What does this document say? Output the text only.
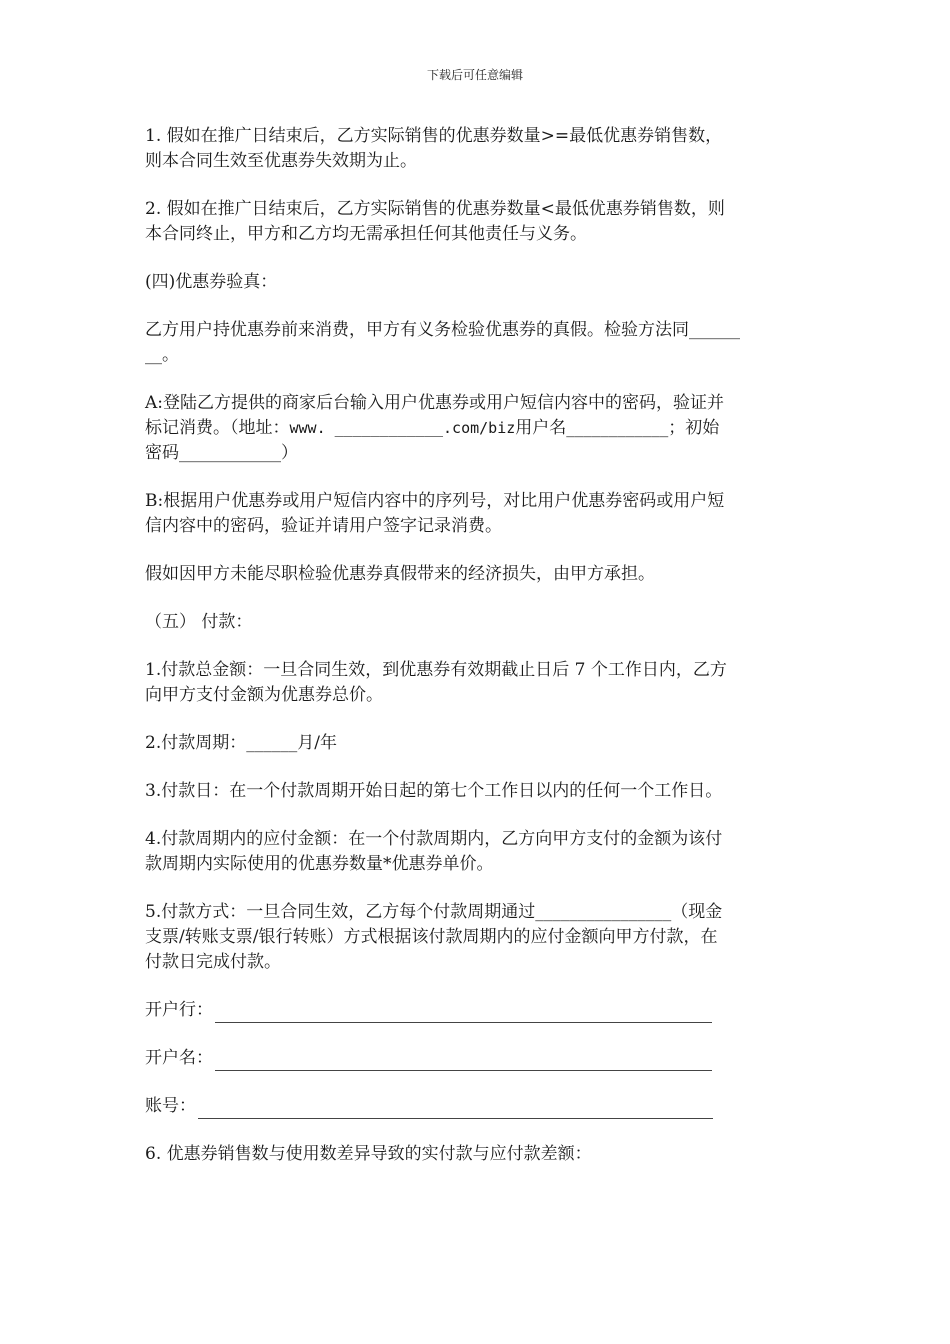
下载后可任意编辑

1. 假如在推广日结束后，乙方实际销售的优惠券数量>=最低优惠券销售数，

则本合同生效至优惠券失效期为止。

2. 假如在推广日结束后，乙方实际销售的优惠券数量<最低优惠券销售数，则

本合同终止，甲方和乙方均无需承担任何其他责任与义务。

(四)优惠券验真：

乙方用户持优惠券前来消费，甲方有义务检验优惠券的真假。检验方法同______

__。

A:登陆乙方提供的商家后台输入用户优惠券或用户短信内容中的密码，验证并

标记消费。（地址：www. ____________.com/biz用户名____________；初始

密码____________）

B:根据用户优惠券或用户短信内容中的序列号，对比用户优惠券密码或用户短

信内容中的密码，验证并请用户签字记录消费。

假如因甲方未能尽职检验优惠券真假带来的经济损失，由甲方承担。

（五） 付款：

1.付款总金额：一旦合同生效，到优惠券有效期截止日后 7 个工作日内，乙方

向甲方支付金额为优惠券总价。

2.付款周期：______月/年

3.付款日：在一个付款周期开始日起的第七个工作日以内的任何一个工作日。

4.付款周期内的应付金额：在一个付款周期内，乙方向甲方支付的金额为该付

款周期内实际使用的优惠券数量*优惠券单价。

5.付款方式：一旦合同生效，乙方每个付款周期通过________________（现金

支票/转账支票/银行转账）方式根据该付款周期内的应付金额向甲方付款，在

付款日完成付款。

开户行：
开户名：
账号：

6. 优惠券销售数与使用数差异导致的实付款与应付款差额：
